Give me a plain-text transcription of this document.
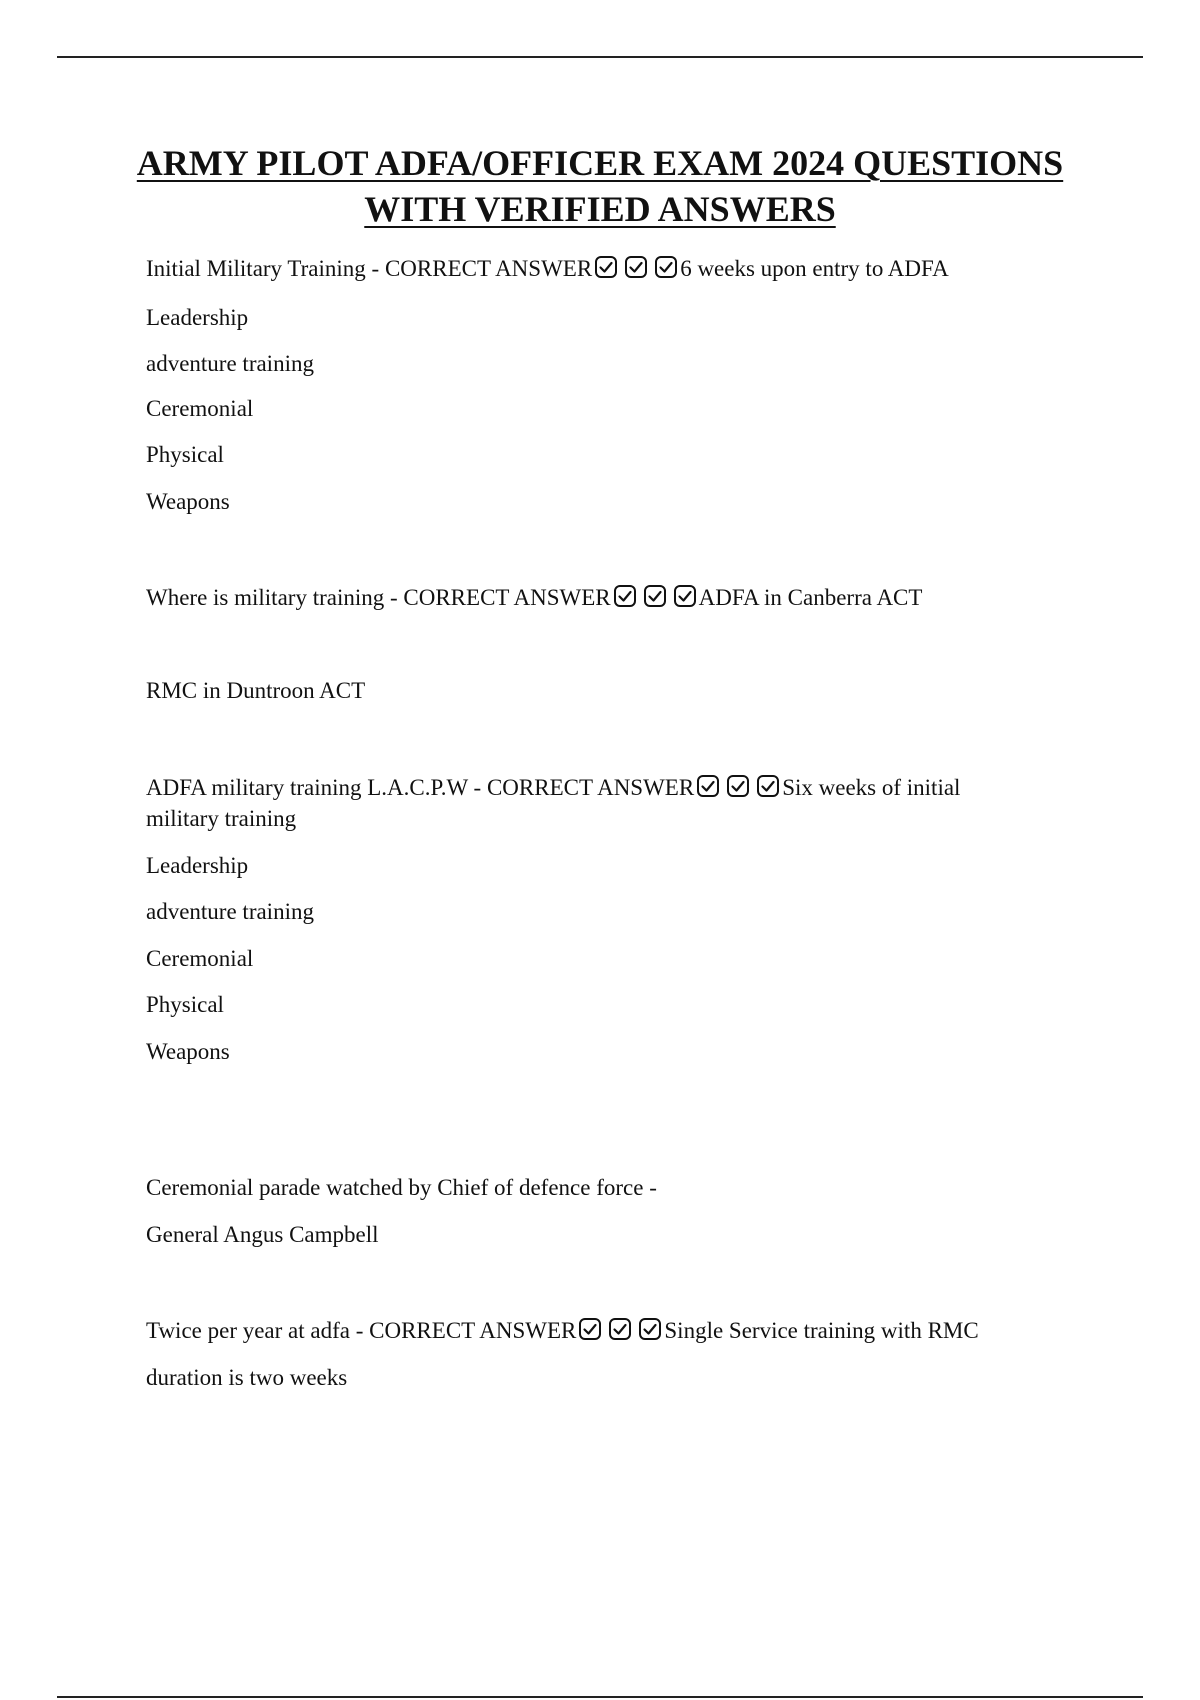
ARMY PILOT ADFA/OFFICER EXAM 2024 QUESTIONS
WITH VERIFIED ANSWERS

Initial Military Training - CORRECT ANSWER	6 weeks upon entry to ADFA

Leadership

adventure training

Ceremonial

Physical

Weapons

Where is military training - CORRECT ANSWER	ADFA in Canberra ACT

RMC in Duntroon ACT

ADFA military training L.A.C.P.W - CORRECT ANSWER	Six weeks of initial

military training

Leadership

adventure training

Ceremonial

Physical

Weapons

Ceremonial parade watched by Chief of defence force -

General Angus Campbell

Twice per year at adfa - CORRECT ANSWER	Single Service training with RMC

duration is two weeks
